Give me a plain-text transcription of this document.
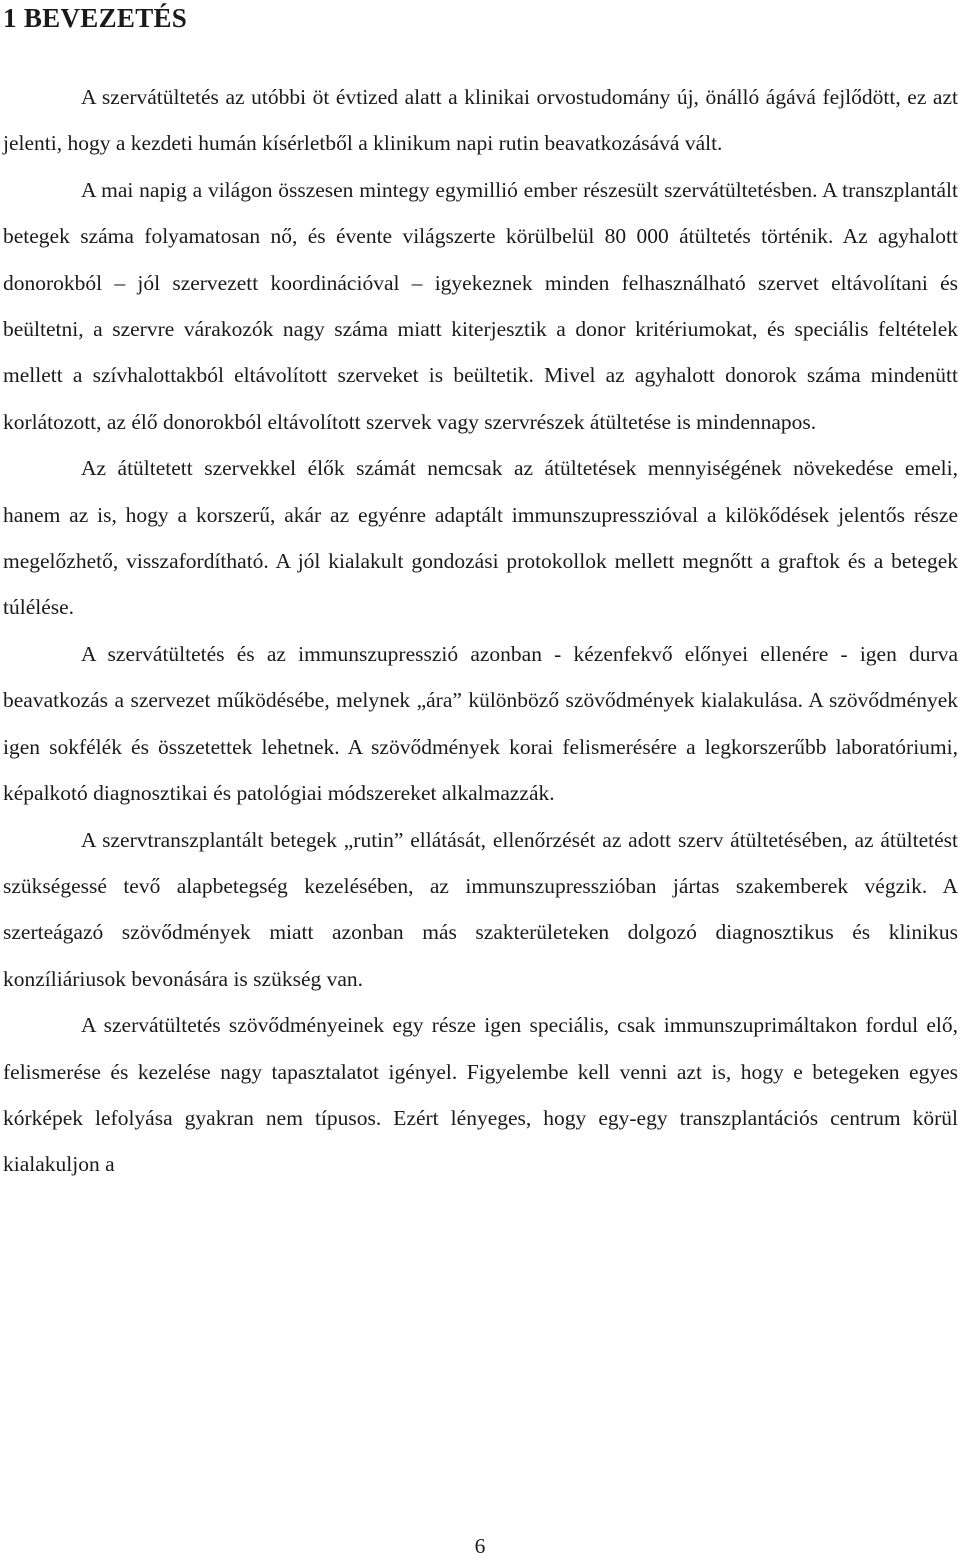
1 BEVEZETÉS

A szervátültetés az utóbbi öt évtized alatt a klinikai orvostudomány új, önálló ágává fejlődött, ez azt jelenti, hogy a kezdeti humán kísérletből a klinikum napi rutin beavatkozásává vált.

A mai napig a világon összesen mintegy egymillió ember részesült szervátültetésben. A transzplantált betegek száma folyamatosan nő, és évente világszerte körülbelül 80 000 átültetés történik. Az agyhalott donorokból – jól szervezett koordinációval – igyekeznek minden felhasználható szervet eltávolítani és beültetni, a szervre várakozók nagy száma miatt kiterjesztik a donor kritériumokat, és speciális feltételek mellett a szívhalottakból eltávolított szerveket is beültetik. Mivel az agyhalott donorok száma mindenütt korlátozott, az élő donorokból eltávolított szervek vagy szervrészek átültetése is mindennapos.

Az átültetett szervekkel élők számát nemcsak az átültetések mennyiségének növekedése emeli, hanem az is, hogy a korszerű, akár az egyénre adaptált immunszupresszióval a kilökődések jelentős része megelőzhető, visszafordítható. A jól kialakult gondozási protokollok mellett megnőtt a graftok és a betegek túlélése.

A szervátültetés és az immunszupresszió azonban - kézenfekvő előnyei ellenére - igen durva beavatkozás a szervezet működésébe, melynek „ára” különböző szövődmények kialakulása. A szövődmények igen sokfélék és összetettek lehetnek. A szövődmények korai felismerésére a legkorszerűbb laboratóriumi, képalkotó diagnosztikai és patológiai módszereket alkalmazzák.

A szervtranszplantált betegek „rutin” ellátását, ellenőrzését az adott szerv átültetésében, az átültetést szükségessé tevő alapbetegség kezelésében, az immunszupresszióban jártas szakemberek végzik. A szerteágazó szövődmények miatt azonban más szakterületeken dolgozó diagnosztikus és klinikus konzíliáriusok bevonására is szükség van.

A szervátültetés szövődményeinek egy része igen speciális, csak immunszuprimáltakon fordul elő, felismerése és kezelése nagy tapasztalatot igényel. Figyelembe kell venni azt is, hogy e betegeken egyes kórképek lefolyása gyakran nem típusos. Ezért lényeges, hogy egy-egy transzplantációs centrum körül kialakuljon a

6
